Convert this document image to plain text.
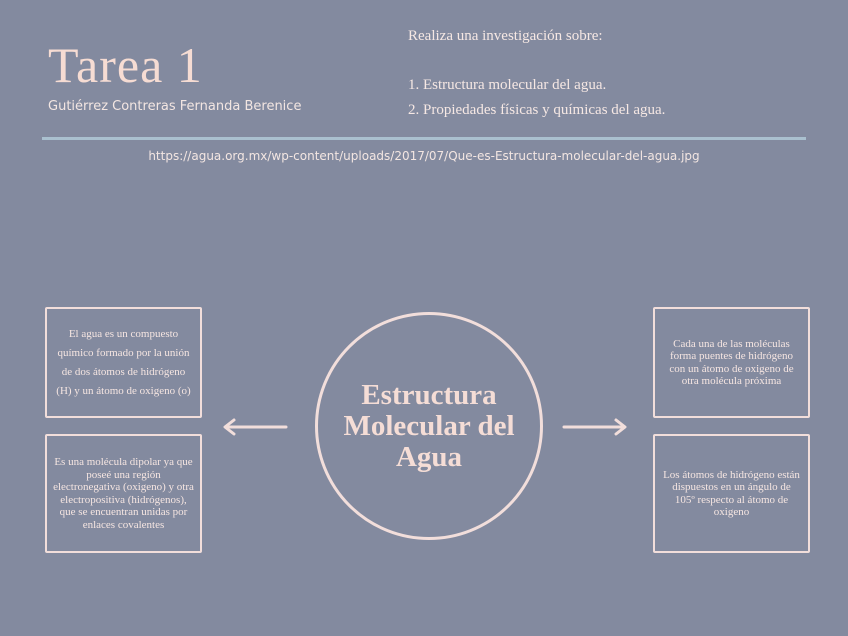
Tarea 1
Gutiérrez Contreras Fernanda Berenice
Realiza una investigación sobre:
1. Estructura molecular del agua.
2. Propiedades físicas y químicas del agua.
https://agua.org.mx/wp-content/uploads/2017/07/Que-es-Estructura-molecular-del-agua.jpg
El agua es un compuesto químico formado por la unión de dos átomos de hidrógeno (H) y un átomo de oxigeno (o)
Es una molécula dipolar ya que poseé una región electronegativa (oxigeno) y otra electropositiva (hidrógenos), que se encuentran unidas por enlaces covalentes
Estructura Molecular del Agua
Cada una de las moléculas forma puentes de hidrógeno con un átomo de oxigeno de otra molécula próxima
Los átomos de hidrógeno están dispuestos en un ángulo de 105º respecto al átomo de oxigeno
